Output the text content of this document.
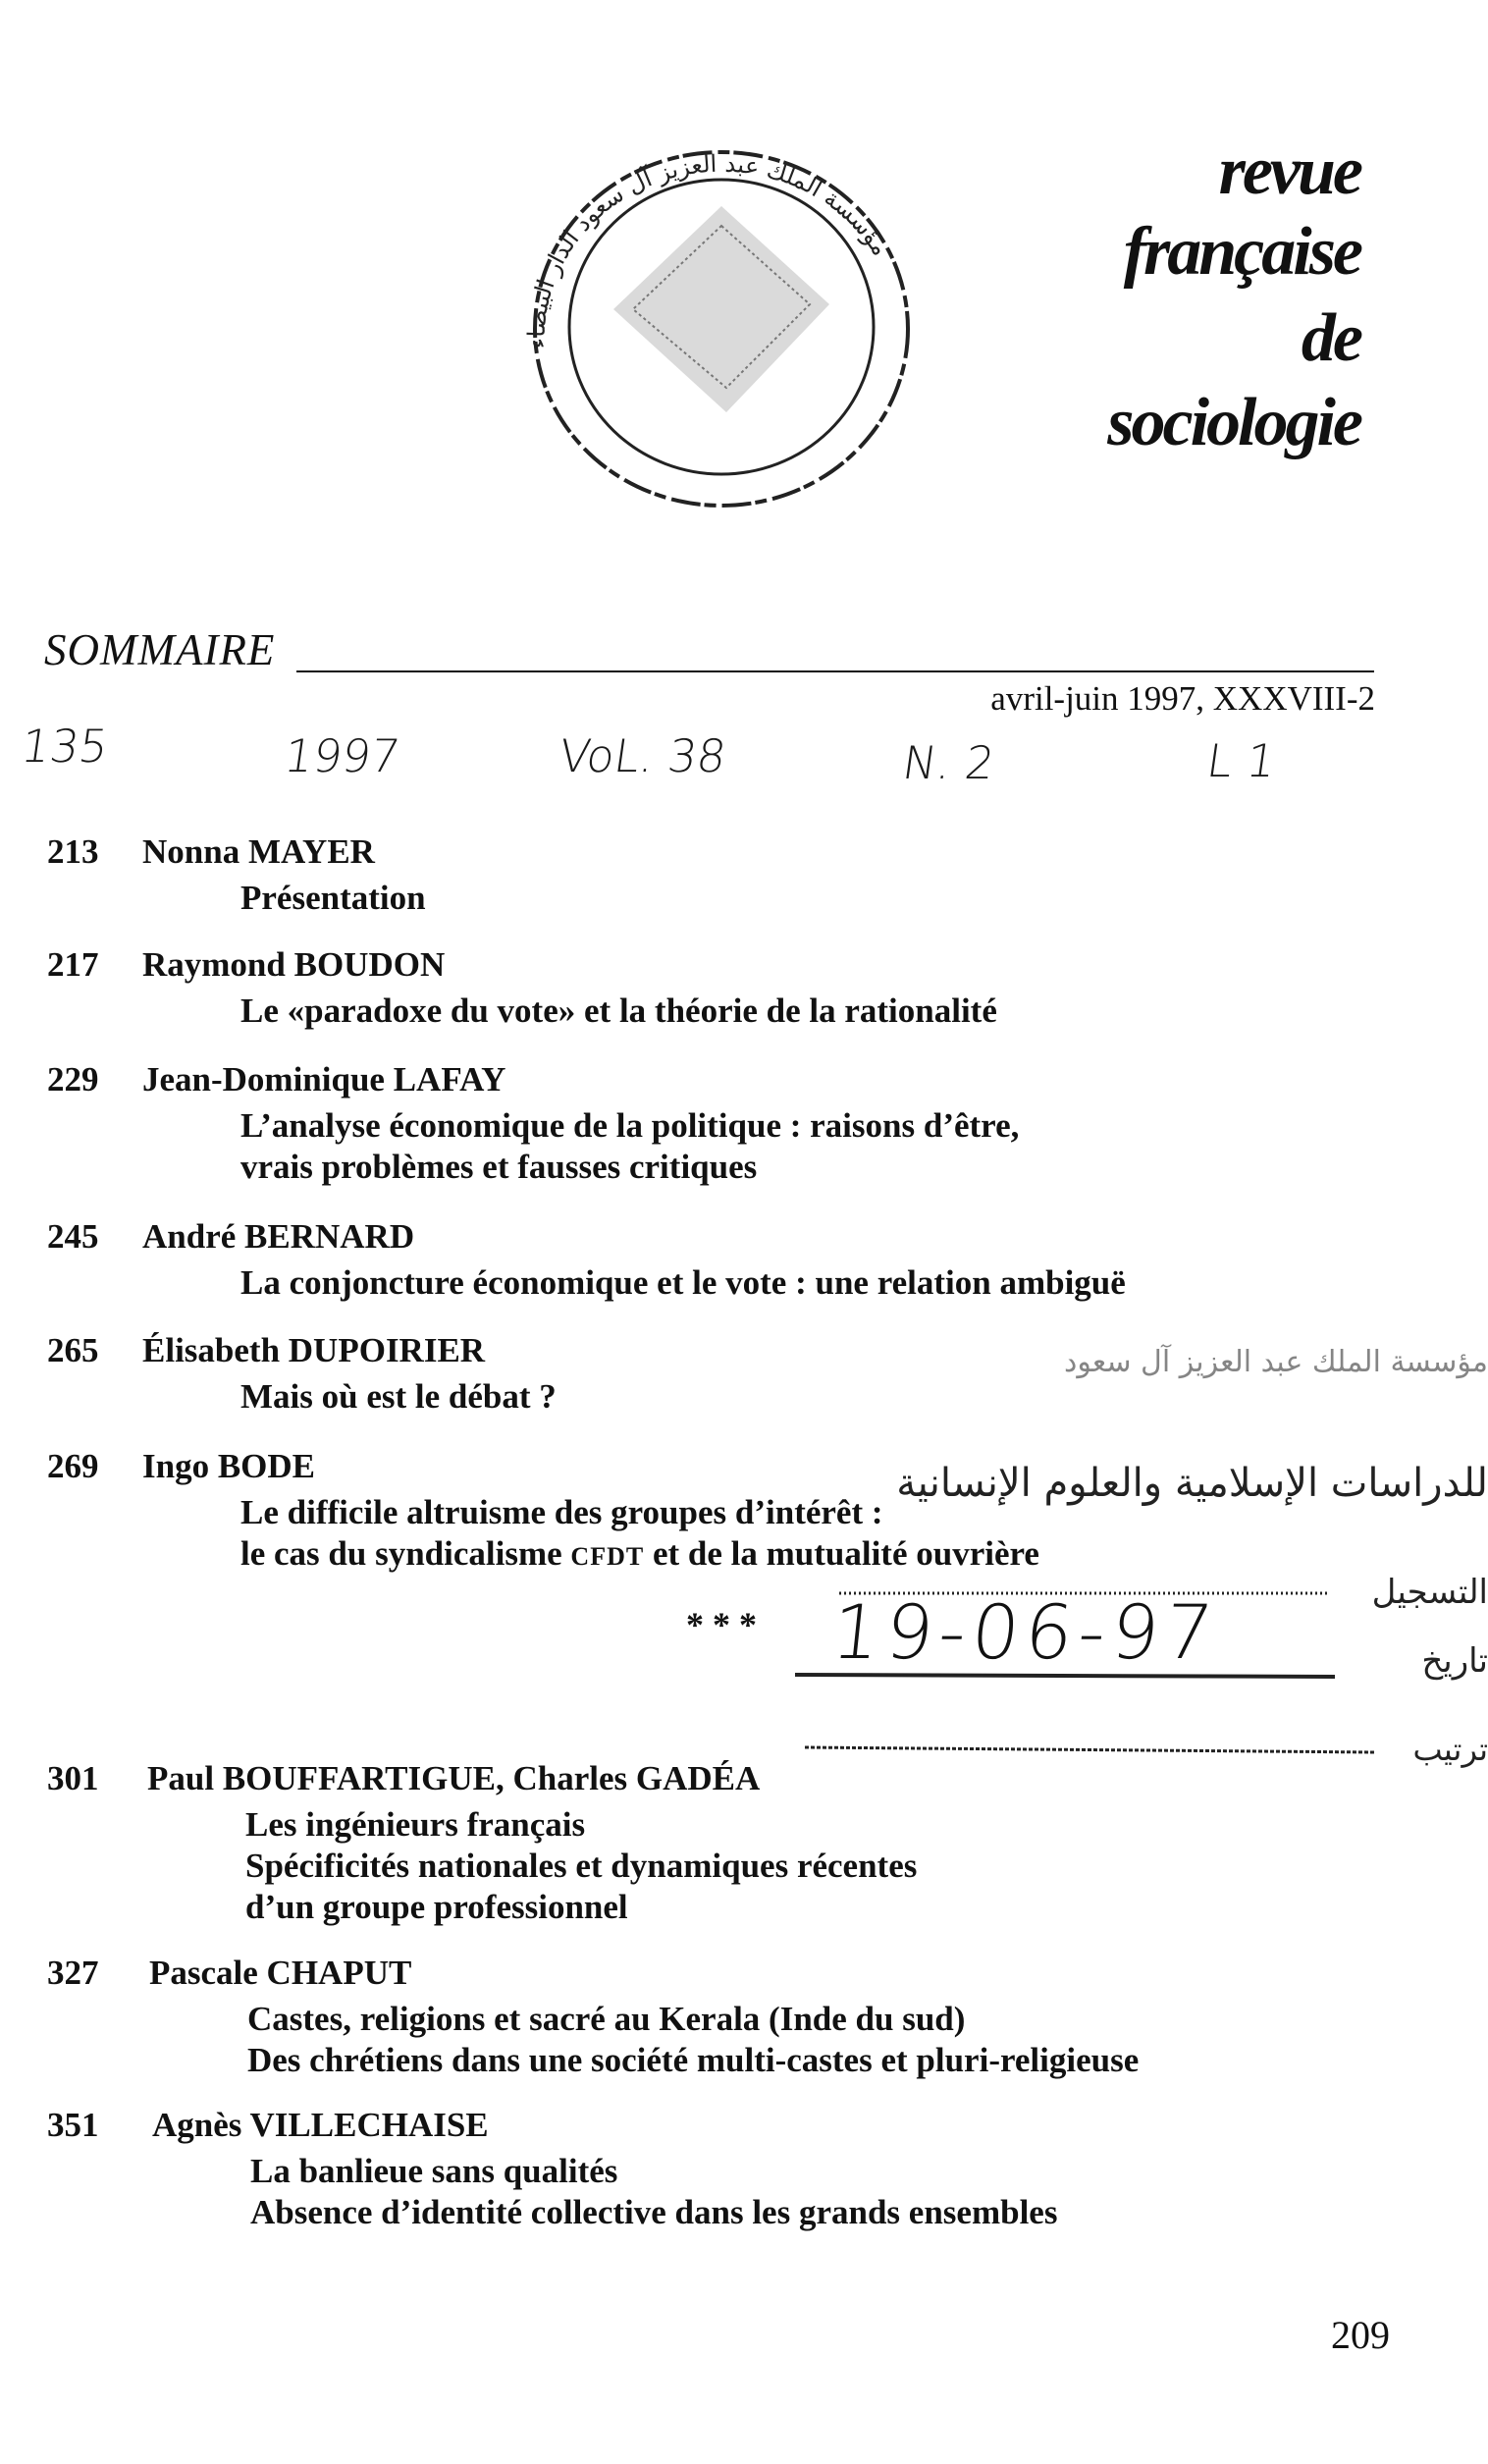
revue
française
de
sociologie
مؤسسة الملك عبد العزيز آل سعود الدار البيضاء
SOMMAIRE
avril-juin 1997, XXXVIII-2
135	1997	VoL. 38	N. 2	L 1
213	Nonna MAYER
Présentation
217	Raymond BOUDON
Le «paradoxe du vote» et la théorie de la rationalité
229	Jean-Dominique LAFAY
L’analyse économique de la politique : raisons d’être,
vrais problèmes et fausses critiques
245	André BERNARD
La conjoncture économique et le vote : une relation ambiguë
265	Élisabeth DUPOIRIER
Mais où est le débat ?
269	Ingo BODE
Le difficile altruisme des groupes d’intérêt :
le cas du syndicalisme CFDT et de la mutualité ouvrière
مؤسسة الملك عبد العزيز آل سعود
للدراسات الإسلامية والعلوم الإنسانية
التسجيل
تاريخ
ترتيب
19-06-97
* * *
301	Paul BOUFFARTIGUE, Charles GADÉA
Les ingénieurs français
Spécificités nationales et dynamiques récentes
d’un groupe professionnel
327	Pascale CHAPUT
Castes, religions et sacré au Kerala (Inde du sud)
Des chrétiens dans une société multi-castes et pluri-religieuse
351	Agnès VILLECHAISE
La banlieue sans qualités
Absence d’identité collective dans les grands ensembles
209
